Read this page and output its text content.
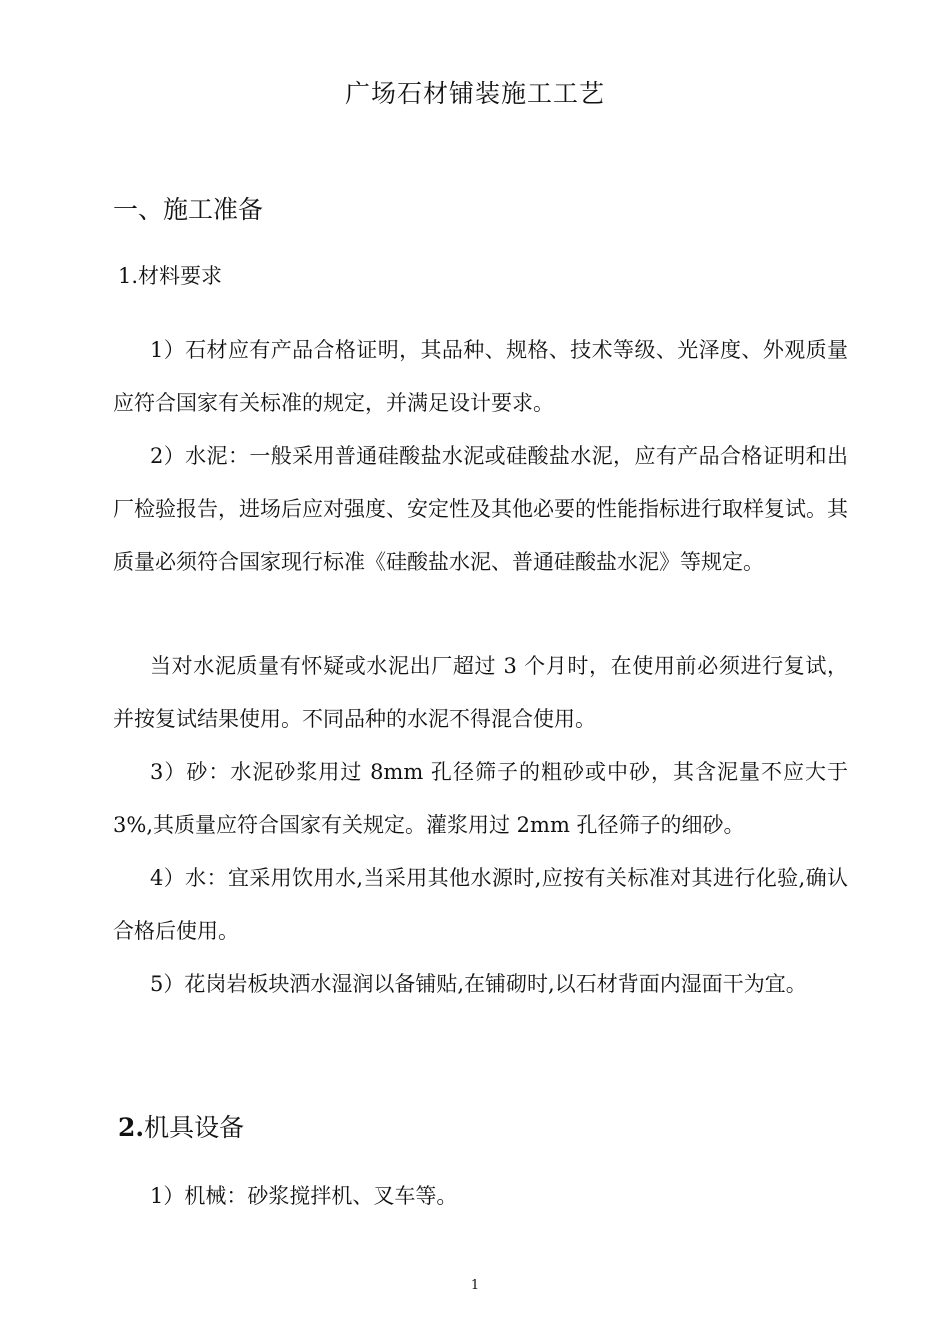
广场石材铺装施工工艺
一、施工准备
1.材料要求

1）石材应有产品合格证明，其品种、规格、技术等级、光泽度、外观质量应符合国家有关标准的规定，并满足设计要求。

2）水泥：一般采用普通硅酸盐水泥或硅酸盐水泥，应有产品合格证明和出厂检验报告，进场后应对强度、安定性及其他必要的性能指标进行取样复试。其质量必须符合国家现行标准《硅酸盐水泥、普通硅酸盐水泥》等规定。

当对水泥质量有怀疑或水泥出厂超过 3 个月时，在使用前必须进行复试，并按复试结果使用。不同品种的水泥不得混合使用。

3）砂：水泥砂浆用过 8mm 孔径筛子的粗砂或中砂，其含泥量不应大于 3%,其质量应符合国家有关规定。灌浆用过 2mm 孔径筛子的细砂。

4）水：宜采用饮用水,当采用其他水源时,应按有关标准对其进行化验,确认合格后使用。

5）花岗岩板块洒水湿润以备铺贴,在铺砌时,以石材背面内湿面干为宜。

2.机具设备

1）机械：砂浆搅拌机、叉车等。

1
